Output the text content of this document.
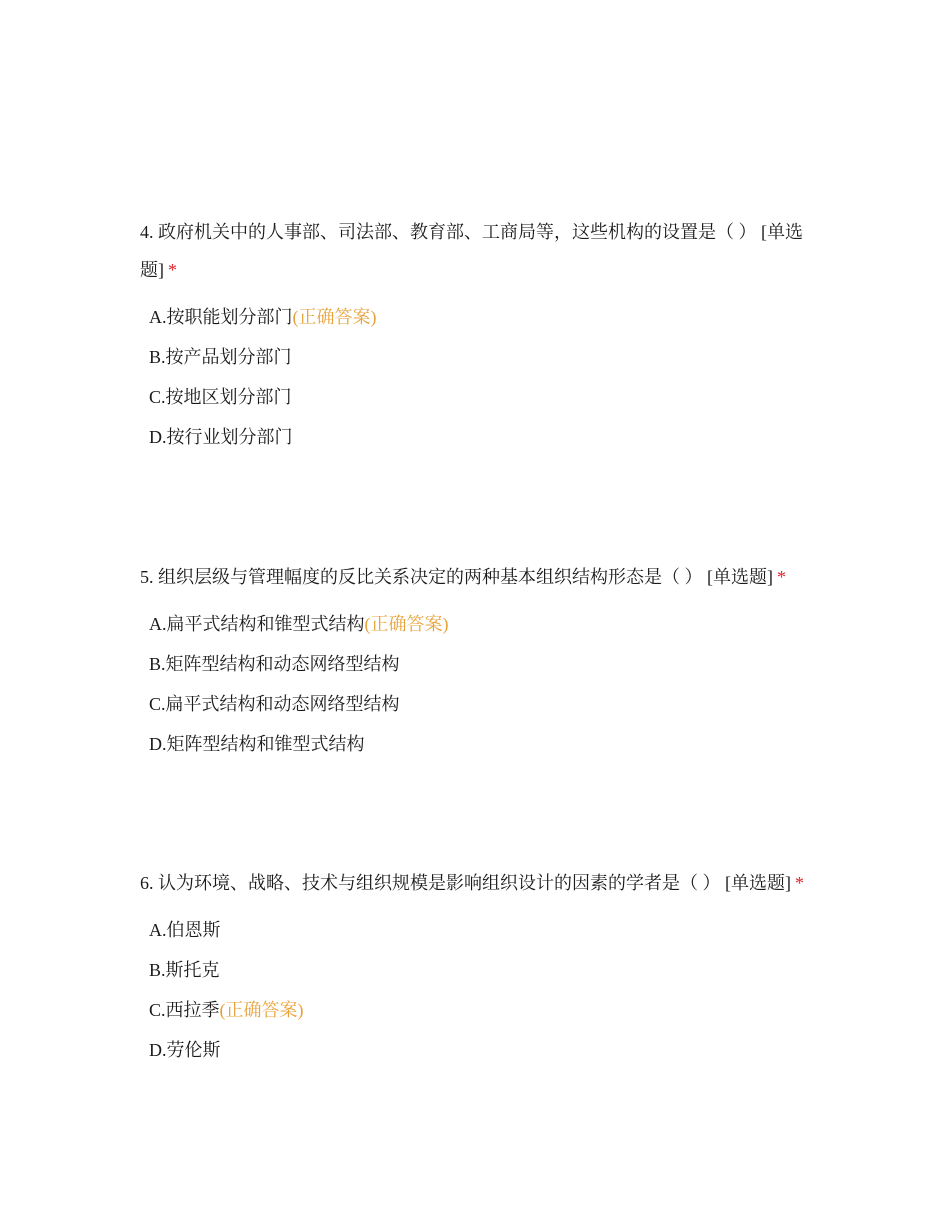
4. 政府机关中的人事部、司法部、教育部、工商局等，这些机构的设置是（ ） [单选题] *

A.按职能划分部门(正确答案)
B.按产品划分部门
C.按地区划分部门
D.按行业划分部门

5. 组织层级与管理幅度的反比关系决定的两种基本组织结构形态是（ ） [单选题] *

A.扁平式结构和锥型式结构(正确答案)
B.矩阵型结构和动态网络型结构
C.扁平式结构和动态网络型结构
D.矩阵型结构和锥型式结构

6. 认为环境、战略、技术与组织规模是影响组织设计的因素的学者是（ ） [单选题] *

A.伯恩斯
B.斯托克
C.西拉季(正确答案)
D.劳伦斯
